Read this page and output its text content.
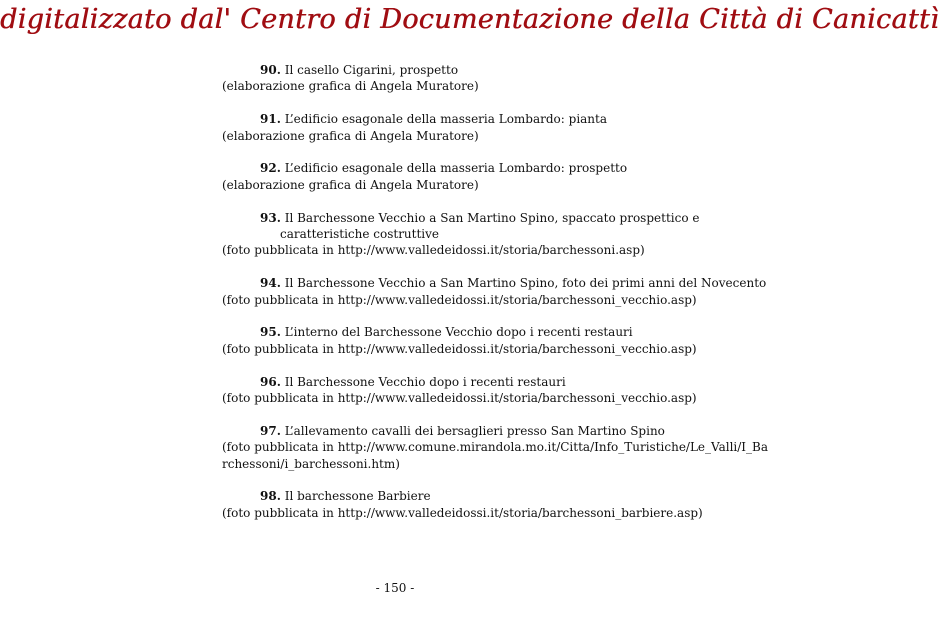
digitalizzato dal' Centro di Documentazione della Città di Canicattì
90. Il casello Cigarini, prospetto
(elaborazione grafica di Angela Muratore)
91. L’edificio esagonale della masseria Lombardo: pianta
(elaborazione grafica di Angela Muratore)
92. L’edificio esagonale della masseria Lombardo: prospetto
(elaborazione grafica di Angela Muratore)
93. Il Barchessone Vecchio a San Martino Spino, spaccato prospettico e caratteristiche costruttive
(foto pubblicata in http://www.valledeidossi.it/storia/barchessoni.asp)
94. Il Barchessone Vecchio a San Martino Spino, foto dei primi anni del Novecento
(foto pubblicata in http://www.valledeidossi.it/storia/barchessoni_vecchio.asp)
95. L’interno del Barchessone Vecchio dopo i recenti restauri
(foto pubblicata in http://www.valledeidossi.it/storia/barchessoni_vecchio.asp)
96. Il Barchessone Vecchio dopo i recenti restauri
(foto pubblicata in http://www.valledeidossi.it/storia/barchessoni_vecchio.asp)
97. L’allevamento cavalli dei bersaglieri presso San Martino Spino
(foto pubblicata in http://www.comune.mirandola.mo.it/Citta/Info_Turistiche/Le_Valli/I_Barchessoni/i_barchessoni.htm)
98. Il barchessone Barbiere
(foto pubblicata in http://www.valledeidossi.it/storia/barchessoni_barbiere.asp)
- 150 -
